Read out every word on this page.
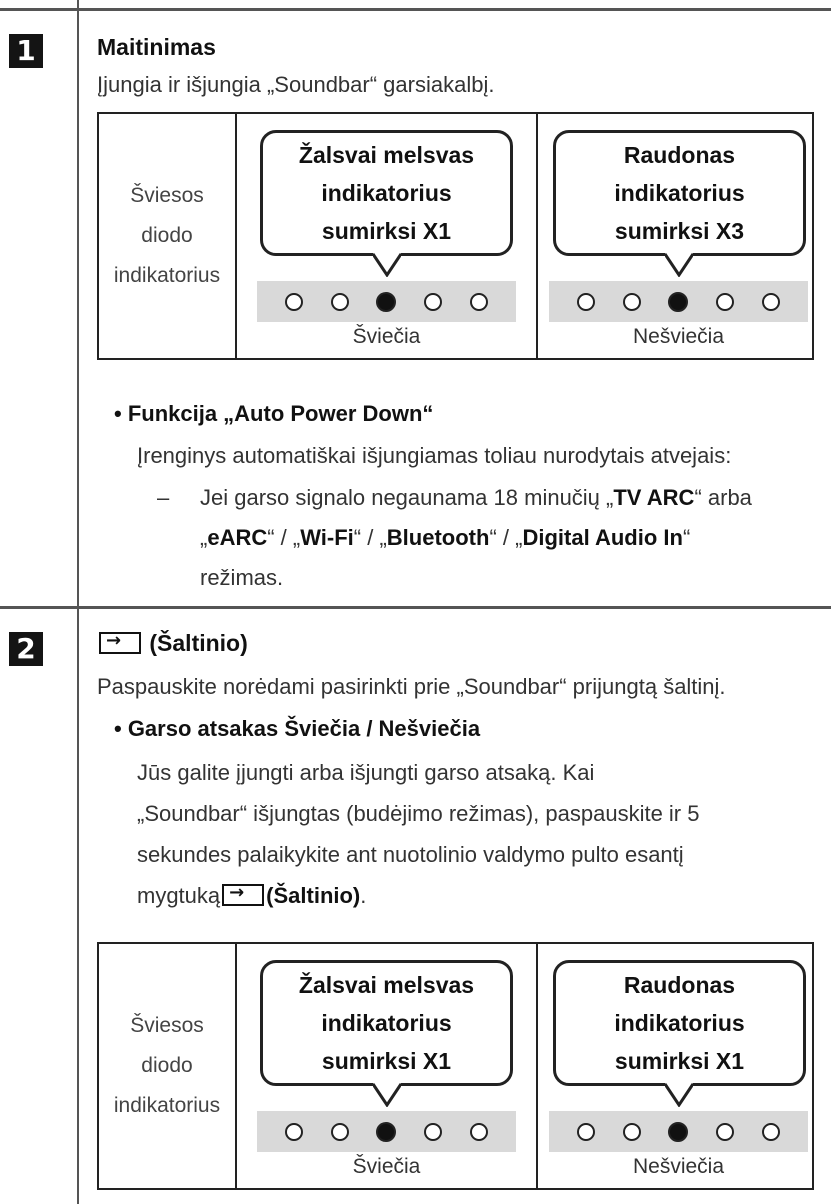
1	Maitinimas
Įjungia ir išjungia „Soundbar“ garsiakalbį.
Šviesos
diodo
indikatorius
Žalsvai melsvas
indikatorius
sumirksi X1
Šviečia
Raudonas
indikatorius
sumirksi X3
Nešviečia
• Funkcija „Auto Power Down“
Įrenginys automatiškai išjungiamas toliau nurodytais atvejais:
– Jei garso signalo negaunama 18 minučių „TV ARC“ arba
„eARC“ / „Wi-Fi“ / „Bluetooth“ / „Digital Audio In“
režimas.
2	→ (Šaltinio)
Paspauskite norėdami pasirinkti prie „Soundbar“ prijungtą šaltinį.
• Garso atsakas Šviečia / Nešviečia
Jūs galite įjungti arba išjungti garso atsaką. Kai
„Soundbar“ išjungtas (budėjimo režimas), paspauskite ir 5
sekundes palaikykite ant nuotolinio valdymo pulto esantį
mygtuką → (Šaltinio).
Šviesos
diodo
indikatorius
Žalsvai melsvas
indikatorius
sumirksi X1
Šviečia
Raudonas
indikatorius
sumirksi X1
Nešviečia
